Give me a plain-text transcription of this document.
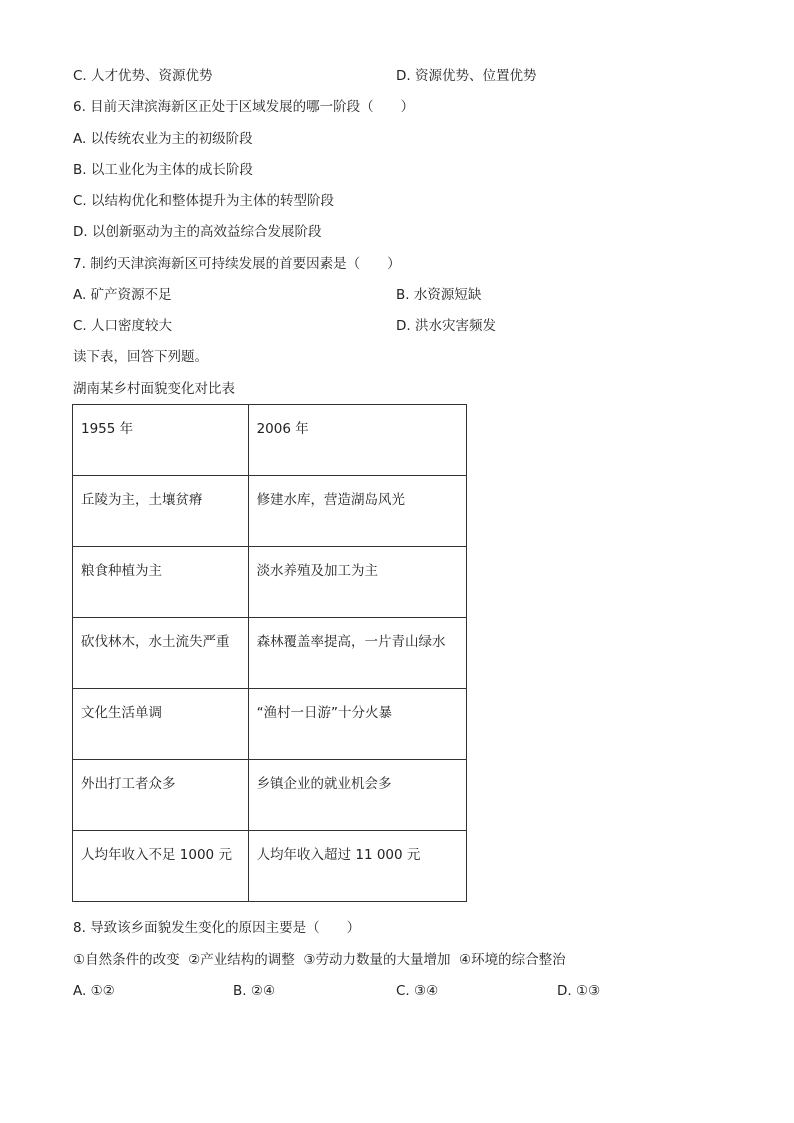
C. 人才优势、资源优势	D. 资源优势、位置优势
6. 目前天津滨海新区正处于区域发展的哪一阶段（　　）
A. 以传统农业为主的初级阶段
B. 以工业化为主体的成长阶段
C. 以结构优化和整体提升为主体的转型阶段
D. 以创新驱动为主的高效益综合发展阶段
7. 制约天津滨海新区可持续发展的首要因素是（　　）
A. 矿产资源不足	B. 水资源短缺
C. 人口密度较大	D. 洪水灾害频发
读下表，回答下列题。
湖南某乡村面貌变化对比表
1955 年	2006 年
丘陵为主，土壤贫瘠	修建水库，营造湖岛风光
粮食种植为主	淡水养殖及加工为主
砍伐林木，水土流失严重	森林覆盖率提高，一片青山绿水
文化生活单调	“渔村一日游”十分火暴
外出打工者众多	乡镇企业的就业机会多
人均年收入不足 1000 元	人均年收入超过 11 000 元
8. 导致该乡面貌发生变化的原因主要是（　　）
①自然条件的改变  ②产业结构的调整  ③劳动力数量的大量增加  ④环境的综合整治
A. ①②	B. ②④	C. ③④	D. ①③
